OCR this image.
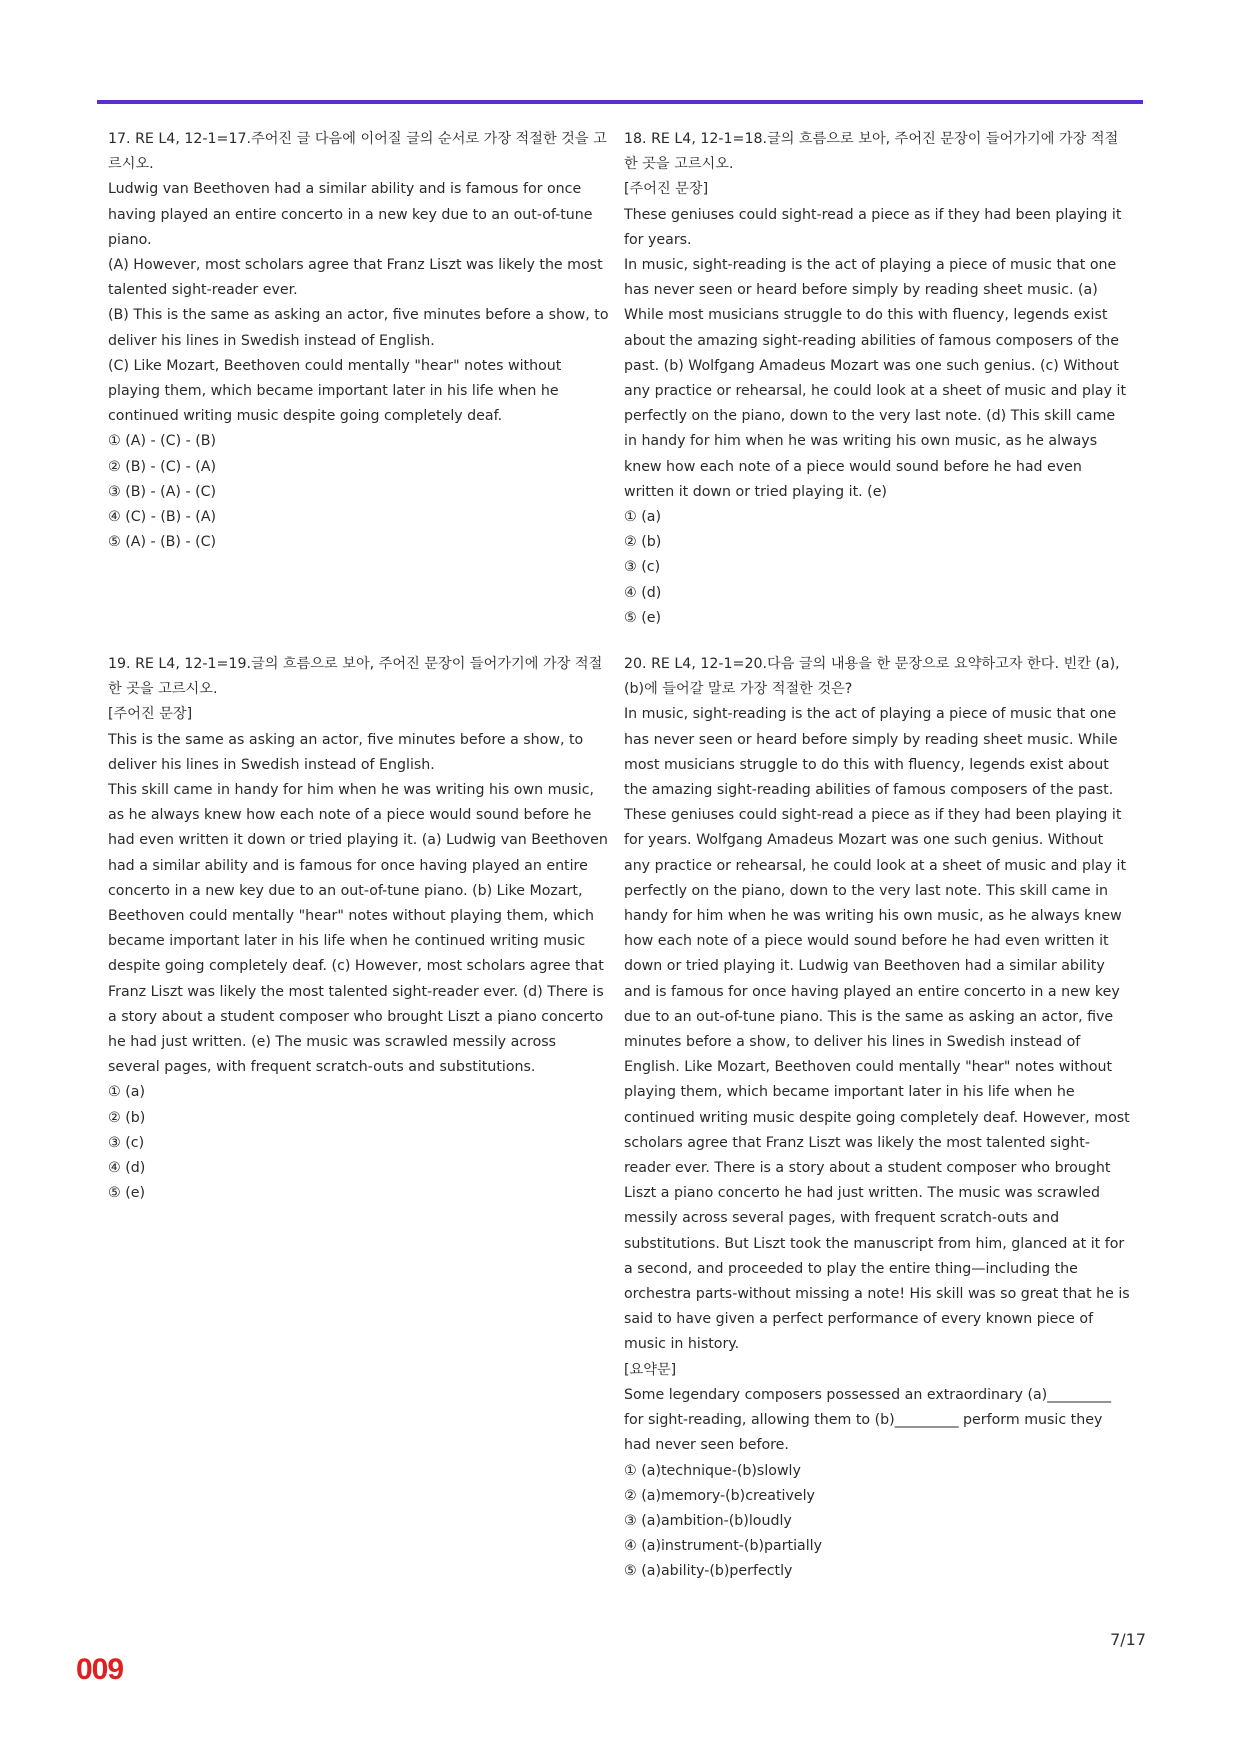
17. RE L4, 12-1=17.주어진 글 다음에 이어질 글의 순서로 가장 적절한 것을 고르시오.

Ludwig van Beethoven had a similar ability and is famous for once having played an entire concerto in a new key due to an out-of-tune piano.

(A) However, most scholars agree that Franz Liszt was likely the most talented sight-reader ever.

(B) This is the same as asking an actor, five minutes before a show, to deliver his lines in Swedish instead of English.

(C) Like Mozart, Beethoven could mentally "hear" notes without playing them, which became important later in his life when he continued writing music despite going completely deaf.

① (A) - (C) - (B)

② (B) - (C) - (A)

③ (B) - (A) - (C)

④ (C) - (B) - (A)

⑤ (A) - (B) - (C)

18. RE L4, 12-1=18.글의 흐름으로 보아, 주어진 문장이 들어가기에 가장 적절한 곳을 고르시오.

[주어진 문장]

These geniuses could sight-read a piece as if they had been playing it for years.

In music, sight-reading is the act of playing a piece of music that one has never seen or heard before simply by reading sheet music. (a) While most musicians struggle to do this with fluency, legends exist about the amazing sight-reading abilities of famous composers of the past. (b) Wolfgang Amadeus Mozart was one such genius. (c) Without any practice or rehearsal, he could look at a sheet of music and play it perfectly on the piano, down to the very last note. (d) This skill came in handy for him when he was writing his own music, as he always knew how each note of a piece would sound before he had even written it down or tried playing it. (e)

① (a)

② (b)

③ (c)

④ (d)

⑤ (e)

19. RE L4, 12-1=19.글의 흐름으로 보아, 주어진 문장이 들어가기에 가장 적절한 곳을 고르시오.

[주어진 문장]

This is the same as asking an actor, five minutes before a show, to deliver his lines in Swedish instead of English.

This skill came in handy for him when he was writing his own music, as he always knew how each note of a piece would sound before he had even written it down or tried playing it. (a) Ludwig van Beethoven had a similar ability and is famous for once having played an entire concerto in a new key due to an out-of-tune piano. (b) Like Mozart, Beethoven could mentally "hear" notes without playing them, which became important later in his life when he continued writing music despite going completely deaf. (c) However, most scholars agree that Franz Liszt was likely the most talented sight-reader ever. (d) There is a story about a student composer who brought Liszt a piano concerto he had just written. (e) The music was scrawled messily across several pages, with frequent scratch-outs and substitutions.

① (a)

② (b)

③ (c)

④ (d)

⑤ (e)

20. RE L4, 12-1=20.다음 글의 내용을 한 문장으로 요약하고자 한다. 빈칸 (a), (b)에 들어갈 말로 가장 적절한 것은?

In music, sight-reading is the act of playing a piece of music that one has never seen or heard before simply by reading sheet music. While most musicians struggle to do this with fluency, legends exist about the amazing sight-reading abilities of famous composers of the past. These geniuses could sight-read a piece as if they had been playing it for years. Wolfgang Amadeus Mozart was one such genius. Without any practice or rehearsal, he could look at a sheet of music and play it perfectly on the piano, down to the very last note. This skill came in handy for him when he was writing his own music, as he always knew how each note of a piece would sound before he had even written it down or tried playing it. Ludwig van Beethoven had a similar ability and is famous for once having played an entire concerto in a new key due to an out-of-tune piano. This is the same as asking an actor, five minutes before a show, to deliver his lines in Swedish instead of English. Like Mozart, Beethoven could mentally "hear" notes without playing them, which became important later in his life when he continued writing music despite going completely deaf. However, most scholars agree that Franz Liszt was likely the most talented sight-reader ever. There is a story about a student composer who brought Liszt a piano concerto he had just written. The music was scrawled messily across several pages, with frequent scratch-outs and substitutions. But Liszt took the manuscript from him, glanced at it for a second, and proceeded to play the entire thing—including the orchestra parts-without missing a note! His skill was so great that he is said to have given a perfect performance of every known piece of music in history.

[요약문]

Some legendary composers possessed an extraordinary (a)_________ for sight-reading, allowing them to (b)_________ perform music they had never seen before.

① (a)technique-(b)slowly

② (a)memory-(b)creatively

③ (a)ambition-(b)loudly

④ (a)instrument-(b)partially

⑤ (a)ability-(b)perfectly

7/17
009
